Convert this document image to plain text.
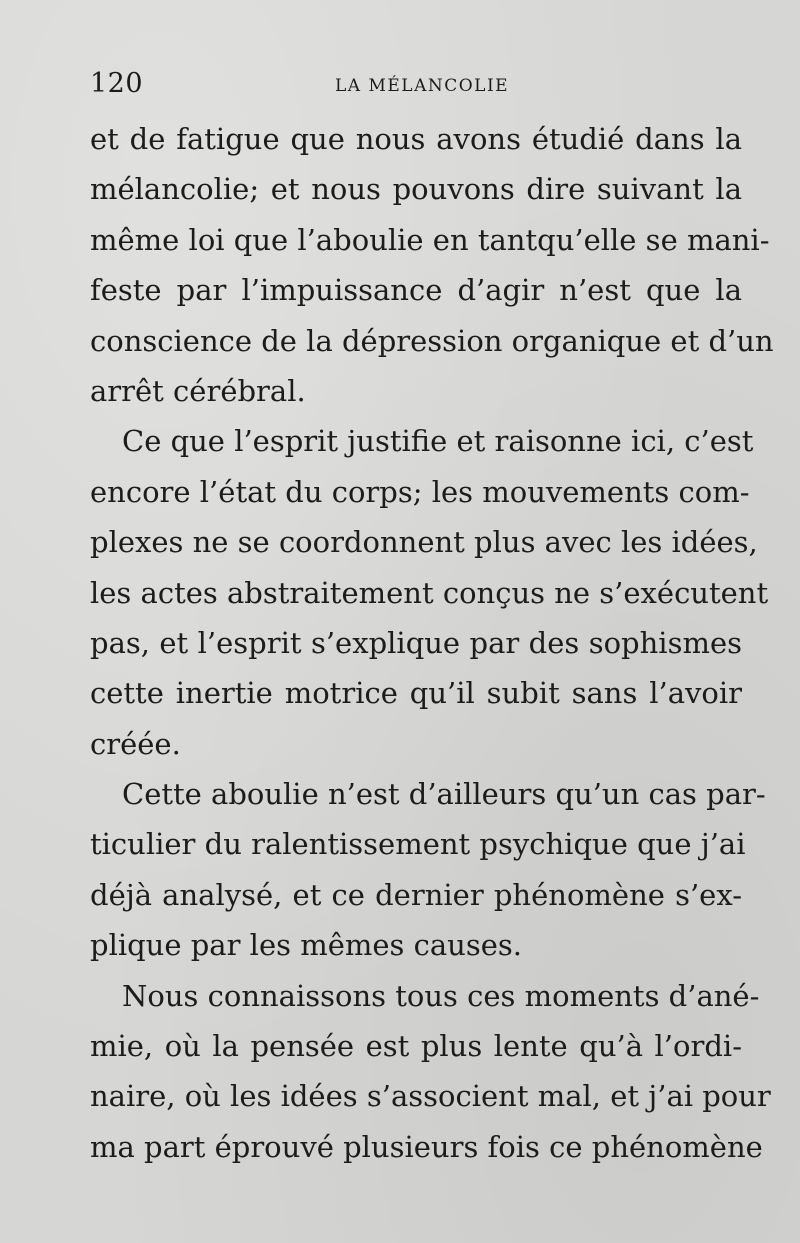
120	LA MÉLANCOLIE
et de fatigue que nous avons étudié dans la
mélancolie; et nous pouvons dire suivant la
même loi que l’aboulie en tantqu’elle se mani-
feste par l’impuissance d’agir n’est que la
conscience de la dépression organique et d’un
arrêt cérébral.
Ce que l’esprit justifie et raisonne ici, c’est
encore l’état du corps; les mouvements com-
plexes ne se coordonnent plus avec les idées,
les actes abstraitement conçus ne s’exécutent
pas, et l’esprit s’explique par des sophismes
cette inertie motrice qu’il subit sans l’avoir
créée.
Cette aboulie n’est d’ailleurs qu’un cas par-
ticulier du ralentissement psychique que j’ai
déjà analysé, et ce dernier phénomène s’ex-
plique par les mêmes causes.
Nous connaissons tous ces moments d’ané-
mie, où la pensée est plus lente qu’à l’ordi-
naire, où les idées s’associent mal, et j’ai pour
ma part éprouvé plusieurs fois ce phénomène
